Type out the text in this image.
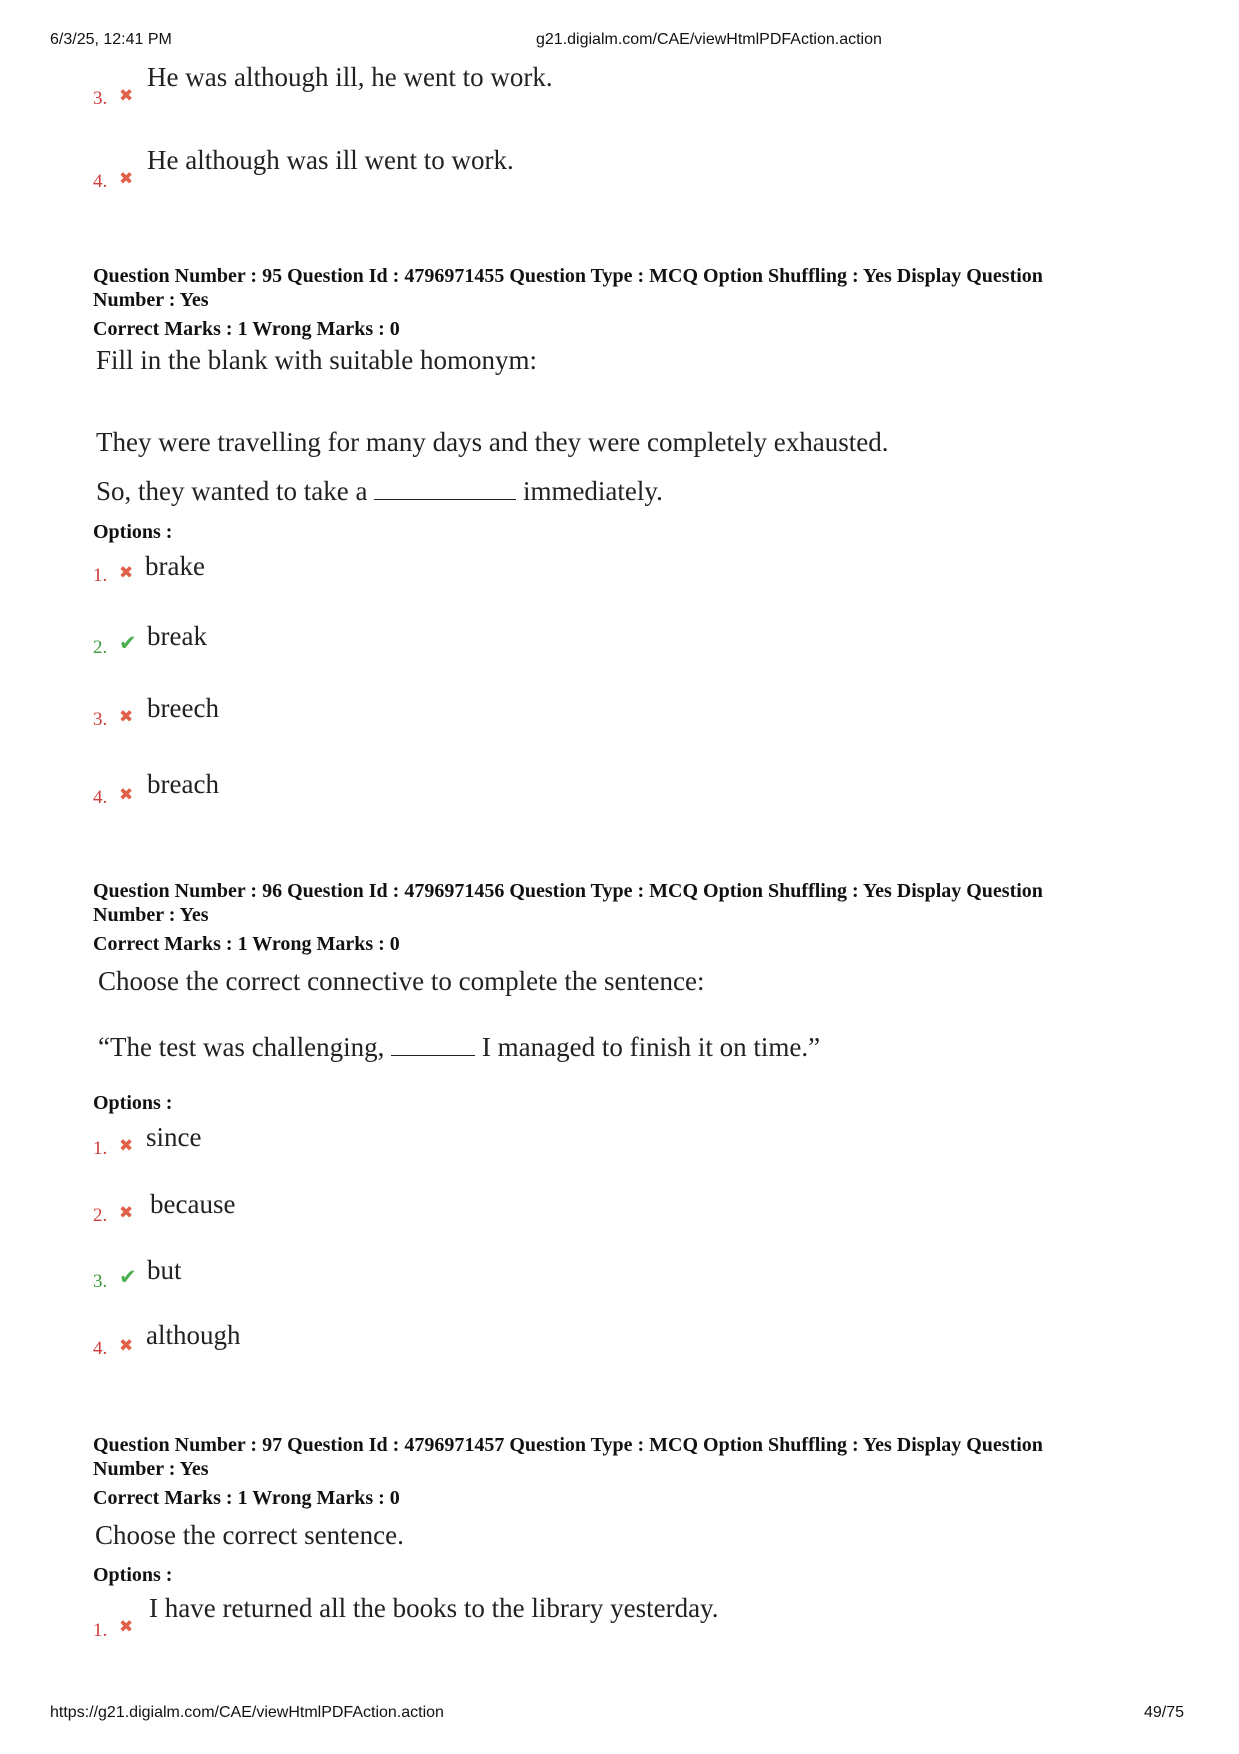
6/3/25, 12:41 PM	g21.digialm.com/CAE/viewHtmlPDFAction.action
3. ✖
He was although ill, he went to work.
4. ✖
He although was ill went to work.
Question Number : 95 Question Id : 4796971455 Question Type : MCQ Option Shuffling : Yes Display Question
Number : Yes
Correct Marks : 1 Wrong Marks : 0
Fill in the blank with suitable homonym:
They were travelling for many days and they were completely exhausted.
So, they wanted to take a	immediately.
Options :
1. ✖ brake
2. ✔ break
3. ✖ breech
4. ✖ breach
Question Number : 96 Question Id : 4796971456 Question Type : MCQ Option Shuffling : Yes Display Question
Number : Yes
Correct Marks : 1 Wrong Marks : 0
Choose the correct connective to complete the sentence:
“The test was challenging,	I managed to finish it on time.”
Options :
1. ✖ since
2. ✖ because
3. ✔ but
4. ✖ although
Question Number : 97 Question Id : 4796971457 Question Type : MCQ Option Shuffling : Yes Display Question
Number : Yes
Correct Marks : 1 Wrong Marks : 0
Choose the correct sentence.
Options :
1. ✖
I have returned all the books to the library yesterday.
https://g21.digialm.com/CAE/viewHtmlPDFAction.action	49/75
